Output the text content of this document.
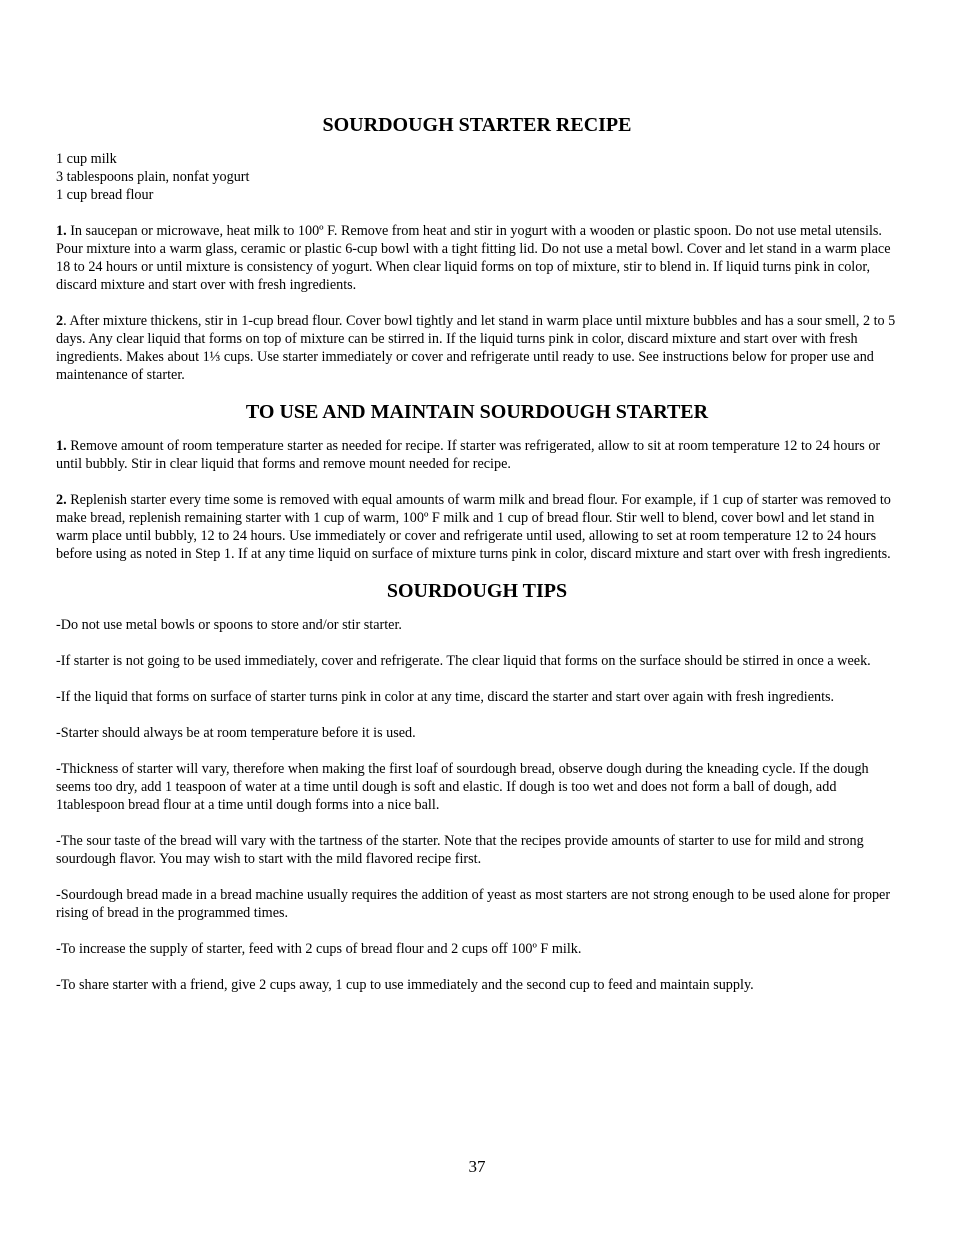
SOURDOUGH STARTER RECIPE

1 cup milk

3 tablespoons plain, nonfat yogurt

1 cup bread flour

1. In saucepan or microwave, heat milk to 100º F. Remove from heat and stir in yogurt with a wooden or plastic spoon. Do not use metal utensils. Pour mixture into a warm glass, ceramic or plastic 6-cup bowl with a tight fitting lid. Do not use a metal bowl. Cover and let stand in a warm place 18 to 24 hours or until mixture is consistency of yogurt. When clear liquid forms on top of mixture, stir to blend in. If liquid turns pink in color, discard mixture and start over with fresh ingredients.

2. After mixture thickens, stir in 1-cup bread flour. Cover bowl tightly and let stand in warm place until mixture bubbles and has a sour smell, 2 to 5 days. Any clear liquid that forms on top of mixture can be stirred in. If the liquid turns pink in color, discard mixture and start over with fresh ingredients. Makes about 1⅓ cups. Use starter immediately or cover and refrigerate until ready to use. See instructions below for proper use and maintenance of starter.

TO USE AND MAINTAIN SOURDOUGH STARTER

1. Remove amount of room temperature starter as needed for recipe. If starter was refrigerated, allow to sit at room temperature 12 to 24 hours or until bubbly. Stir in clear liquid that forms and remove mount needed for recipe.

2. Replenish starter every time some is removed with equal amounts of warm milk and bread flour. For example, if 1 cup of starter was removed to make bread, replenish remaining starter with 1 cup of warm, 100º F milk and 1 cup of bread flour. Stir well to blend, cover bowl and let stand in warm place until bubbly, 12 to 24 hours. Use immediately or cover and refrigerate until used, allowing to set at room temperature 12 to 24 hours before using as noted in Step 1. If at any time liquid on surface of mixture turns pink in color, discard mixture and start over with fresh ingredients.

SOURDOUGH TIPS

-Do not use metal bowls or spoons to store and/or stir starter.

-If starter is not going to be used immediately, cover and refrigerate. The clear liquid that forms on the surface should be stirred in once a week.

-If the liquid that forms on surface of starter turns pink in color at any time, discard the starter and start over again with fresh ingredients.

-Starter should always be at room temperature before it is used.

-Thickness of starter will vary, therefore when making the first loaf of sourdough bread, observe dough during the kneading cycle. If the dough seems too dry, add 1 teaspoon of water at a time until dough is soft and elastic. If dough is too wet and does not form a ball of dough, add 1tablespoon bread flour at a time until dough forms into a nice ball.

-The sour taste of the bread will vary with the tartness of the starter. Note that the recipes provide amounts of starter to use for mild and strong sourdough flavor. You may wish to start with the mild flavored recipe first.

-Sourdough bread made in a bread machine usually requires the addition of yeast as most starters are not strong enough to be used alone for proper rising of bread in the programmed times.

-To increase the supply of starter, feed with 2 cups of bread flour and 2 cups off 100º F milk.

-To share starter with a friend, give 2 cups away, 1 cup to use immediately and the second cup to feed and maintain supply.

37
